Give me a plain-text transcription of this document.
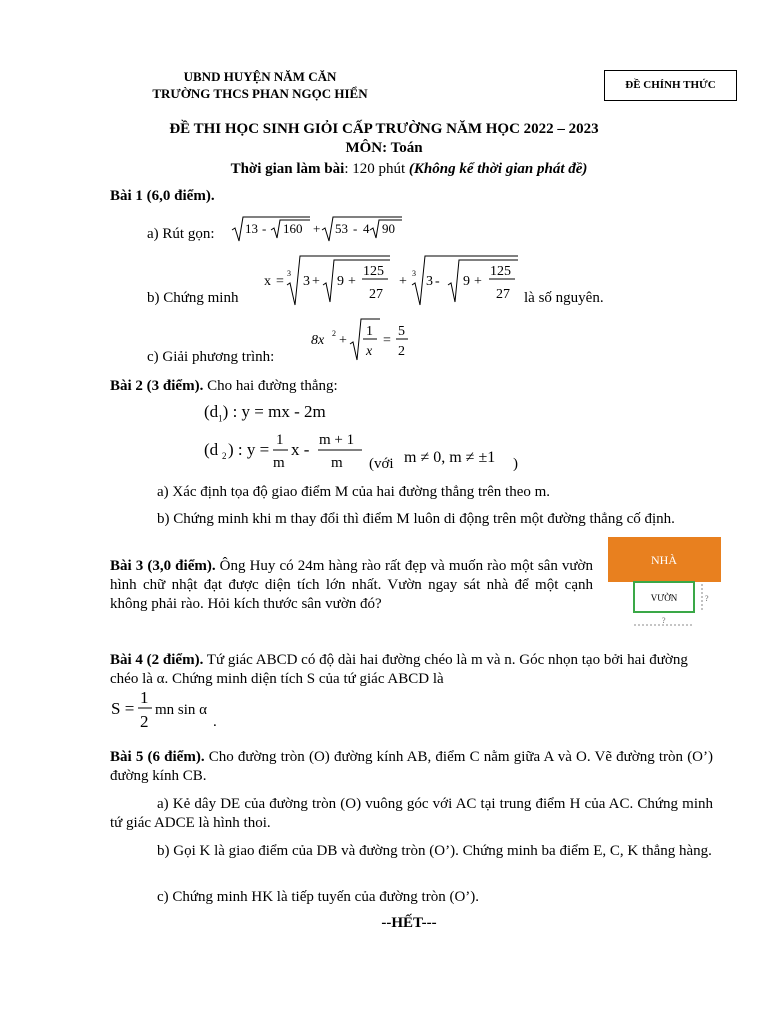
UBND HUYỆN NĂM CĂN
TRƯỜNG THCS PHAN NGỌC HIỂN
ĐỀ CHÍNH THỨC
ĐỀ THI HỌC SINH GIỎI CẤP TRƯỜNG NĂM HỌC 2022 – 2023
MÔN: Toán
Thời gian làm bài: 120 phút (Không kể thời gian phát đề)
Bài 1 (6,0 điểm).
a) Rút gọn: 13 - 160 + 53 - 4 90
b) Chứng minh
x =
3
3 + 9 +
125
27
+
3
3 - 9 +
125
27 là số nguyên.
c) Giải phương trình:
8x 2 +
1
x
=
5
2
Bài 2 (3 điểm). Cho hai đường thẳng:
$(d_1)$ : y = mx - 2m
(d 2 ) : y = 1
m
x - m + 1
m (với m ≠ 0, m ≠ ±1 )
a) Xác định tọa độ giao điểm M của hai đường thẳng trên theo m.
b) Chứng minh khi m thay đổi thì điểm M luôn di động trên một đường thẳng cố định.
Bài 3 (3,0 điểm). Ông Huy có 24m hàng rào rất đẹp và muốn rào một sân vườn hình chữ nhật đạt được diện tích lớn nhất. Vườn ngay sát nhà để một cạnh không phải rào. Hỏi kích thước sân vườn đó?
NHÀ
VƯỜN	?
?
Bài 4 (2 điểm). Tứ giác ABCD có độ dài hai đường chéo là m và n. Góc nhọn tạo bởi hai đường chéo là α. Chứng minh diện tích S của tứ giác ABCD là
S =
1
2
mn sin α
.
Bài 5 (6 điểm). Cho đường tròn (O) đường kính AB, điểm C nằm giữa A và O. Vẽ đường tròn (O’) đường kính CB.
a) Kẻ dây DE của đường tròn (O) vuông góc với AC tại trung điểm H của AC. Chứng minh tứ giác ADCE là hình thoi.
b) Gọi K là giao điểm của DB và đường tròn (O’). Chứng minh ba điểm E, C, K thẳng hàng.
c) Chứng minh HK là tiếp tuyến của đường tròn (O’).
--HẾT---
